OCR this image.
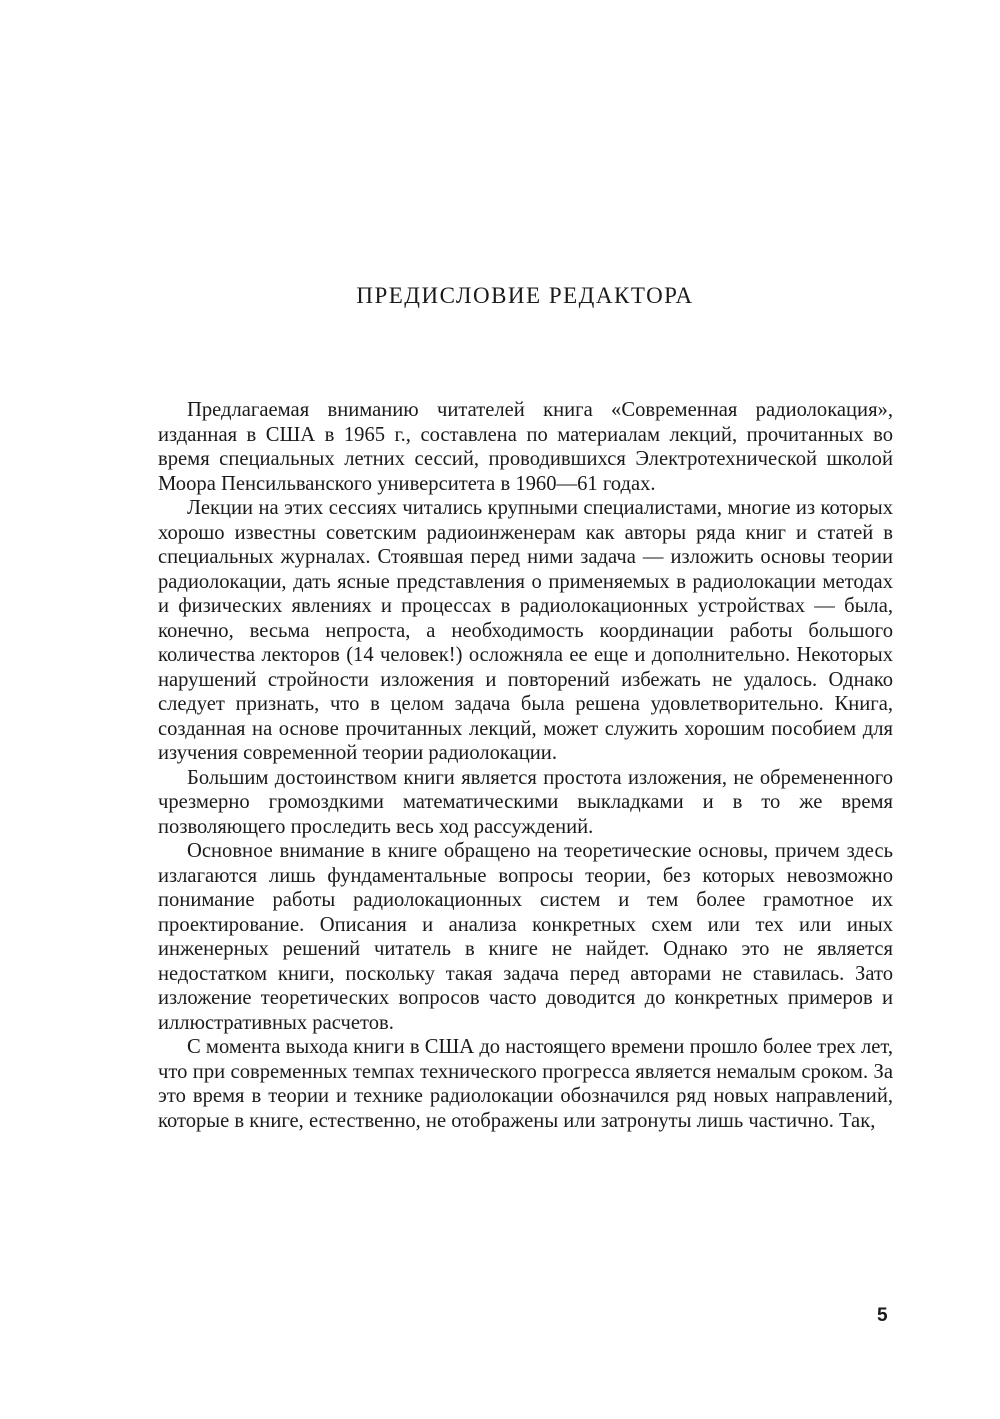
ПРЕДИСЛОВИЕ РЕДАКТОРА

Предлагаемая вниманию читателей книга «Современная радиолокация», изданная в США в 1965 г., составлена по материалам лекций, прочитанных во время специальных летних сессий, проводившихся Электротехнической школой Моора Пенсильванского университета в 1960—61 годах.

Лекции на этих сессиях читались крупными специалистами, многие из которых хорошо известны советским радиоинженерам как авторы ряда книг и статей в специальных журналах. Стоявшая перед ними задача — изложить основы теории радиолокации, дать ясные представления о применяемых в радиолокации методах и физических явлениях и процессах в радиолокационных устройствах — была, конечно, весьма непроста, а необходимость координации работы большого количества лекторов (14 человек!) осложняла ее еще и дополнительно. Некоторых нарушений стройности изложения и повторений избежать не удалось. Однако следует признать, что в целом задача была решена удовлетворительно. Книга, созданная на основе прочитанных лекций, может служить хорошим пособием для изучения современной теории радиолокации.

Большим достоинством книги является простота изложения, не обремененного чрезмерно громоздкими математическими выкладками и в то же время позволяющего проследить весь ход рассуждений.

Основное внимание в книге обращено на теоретические основы, причем здесь излагаются лишь фундаментальные вопросы теории, без которых невозможно понимание работы радиолокационных систем и тем более грамотное их проектирование. Описания и анализа конкретных схем или тех или иных инженерных решений читатель в книге не найдет. Однако это не является недостатком книги, поскольку такая задача перед авторами не ставилась. Зато изложение теоретических вопросов часто доводится до конкретных примеров и иллюстративных расчетов.

С момента выхода книги в США до настоящего времени прошло более трех лет, что при современных темпах технического прогресса является немалым сроком. За это время в теории и технике радиолокации обозначился ряд новых направлений, которые в книге, естественно, не отображены или затронуты лишь частично. Так,

5
